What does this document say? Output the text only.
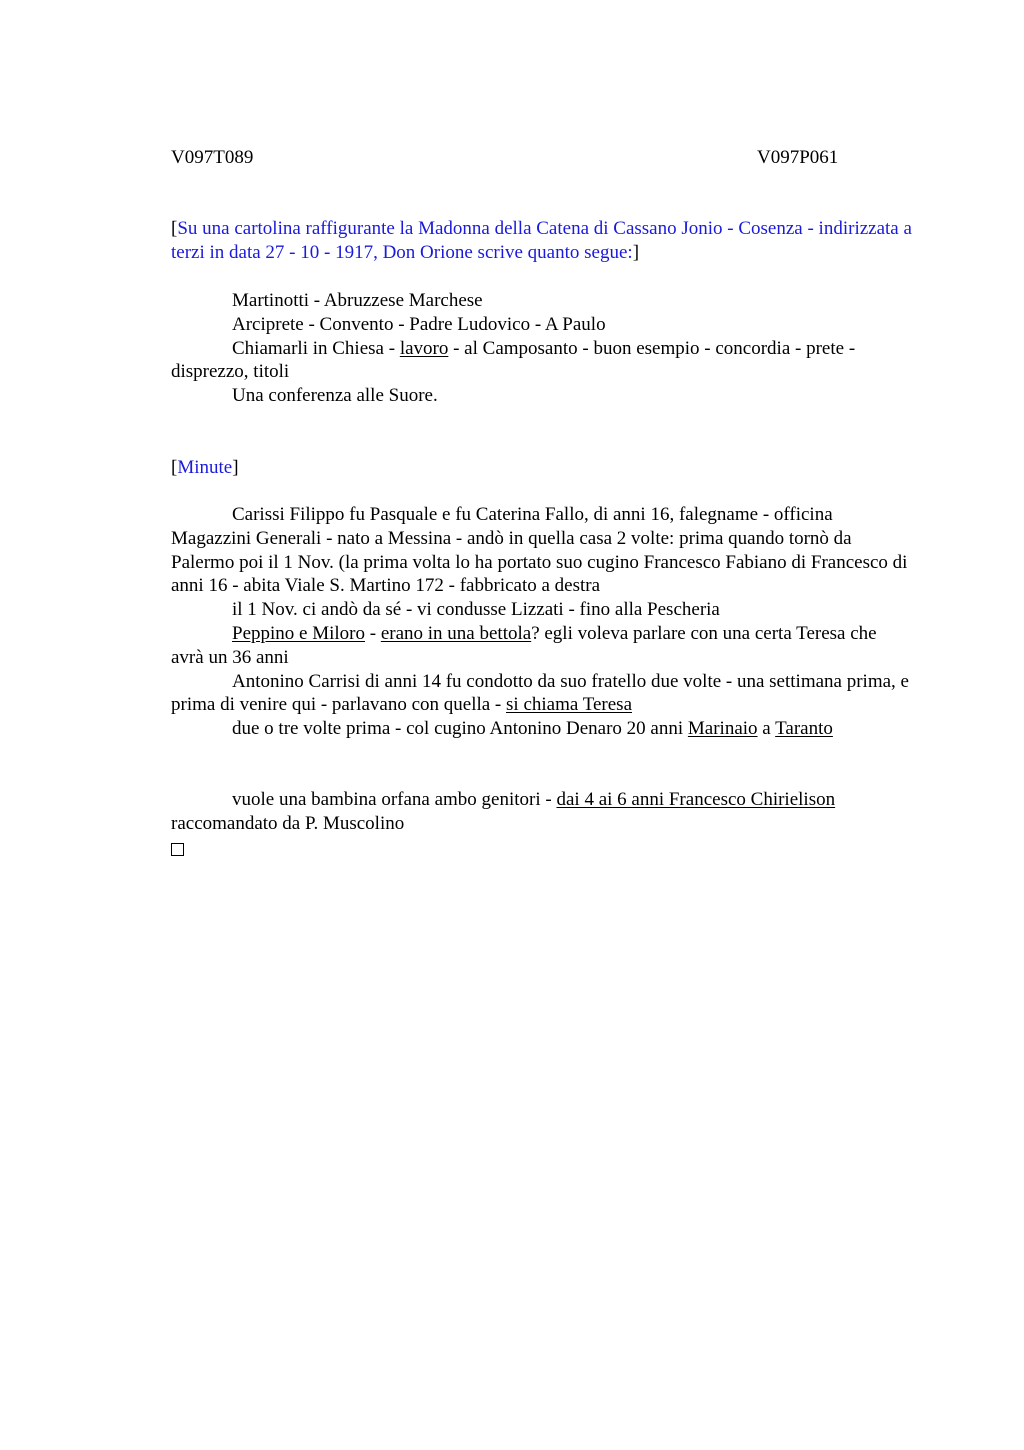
V097T089	V097P061

[Su una cartolina raffigurante la Madonna della Catena di Cassano Jonio - Cosenza - indirizzata a terzi in data 27 - 10 - 1917, Don Orione scrive quanto segue:]

Martinotti - Abruzzese Marchese

Arciprete - Convento - Padre Ludovico - A Paulo

Chiamarli in Chiesa - lavoro - al Camposanto - buon esempio - concordia - prete - disprezzo, titoli

Una conferenza alle Suore.

[Minute]

Carissi Filippo fu Pasquale e fu Caterina Fallo, di anni 16, falegname - officina Magazzini Generali - nato a Messina - andò in quella casa 2 volte: prima quando tornò da Palermo poi il 1 Nov. (la prima volta lo ha portato suo cugino Francesco Fabiano di Francesco di anni 16 - abita Viale S. Martino 172 - fabbricato a destra

il 1 Nov. ci andò da sé - vi condusse Lizzati - fino alla Pescheria

Peppino e Miloro - erano in una bettola? egli voleva parlare con una certa Teresa che avrà un 36 anni

Antonino Carrisi di anni 14 fu condotto da suo fratello due volte - una settimana prima, e prima di venire qui - parlavano con quella - si chiama Teresa

due o tre volte prima - col cugino Antonino Denaro 20 anni Marinaio a Taranto

vuole una bambina orfana ambo genitori - dai 4 ai 6 anni Francesco Chirielison raccomandato da P. Muscolino
